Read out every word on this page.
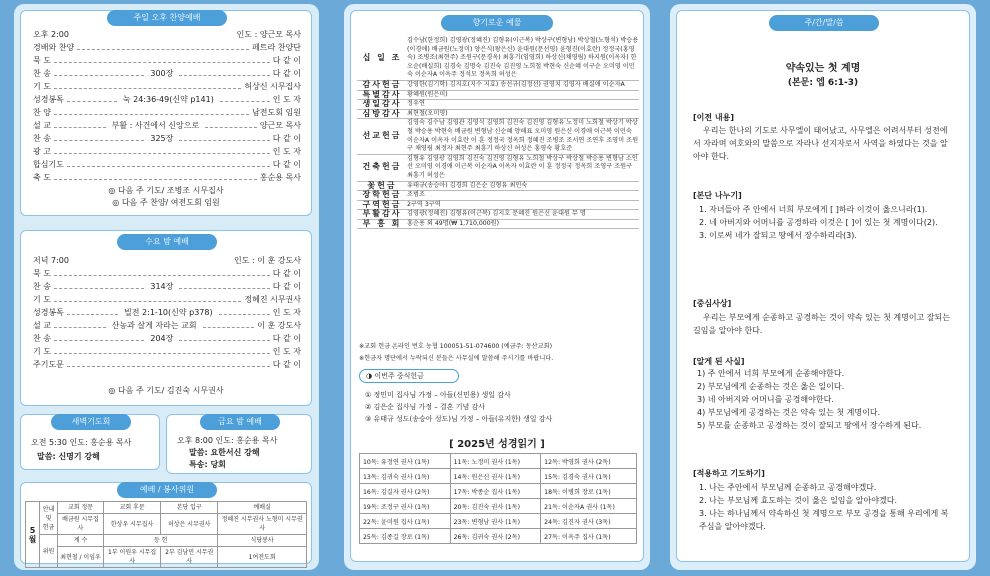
주일 오후 찬양예배
오후 2:00	인도 : 양근모 목사
경배와 찬양	페트라 찬양단
묵 도	다 같 이
찬 송	300장	다 같 이
기 도	허상신 시무집사
성경봉독	눅 24:36-49(신약 p141)	인 도 자
찬 양	남전도회 임원
설 교	부활 : 사건에서 신앙으로	양근모 목사
찬 송	325장	다 같 이
광 고	인 도 자
합심기도	다 같 이
축 도	홍순용 목사
◎ 다음 주 기도/ 조병조 시무집사
◎ 다음 주 찬양/ 여전도회 임원
수요 밤 예배
저녁 7:00	인도 : 이 훈 강도사
묵 도	다 같 이
찬 송	314장	다 같 이
기 도	정혜진 시무권사
성경봉독	빌전 2:1-10(신약 p378)	인 도 자
설 교	산농과 살게 자라는 교회	이 훈 강도사
찬 송	204장	다 같 이
기 도	인 도 자
주기도문	다 같 이
◎ 다음 주 기도/ 김진숙 시무권사
새벽기도회
오전 5:30 인도: 홍순용 목사
말씀: 신명기 강해
금요 밤 예배
오후 8:00 인도: 홍순용 목사
말씀: 요한서신 강해
특송: 당회
예배 / 봉사위원
5 월	안내 및 헌금	교회 정문	교회 후문	본당 입구	예배실
		배금원 시무집사	한상우 시무집사	허상은 시무권사	정혜진 시무권사 노형미 시무권사
	위원	계 수	등 헌		식당봉사
		최현철 / 이임우	1부 이원우 시무집사	2부 김남민 시무권사	1여전도회
향기로운 예물
십 일 조	김수남(한정희) 김영광(정혜진) 김형유(이근복) 박상구(변형남) 박상철(노형석) 박승용(이경애) 배금원(노정미) 양은식(왕은신) 윤대원(문선영) 윤형진(이효란) 정정국(홍영숙) 조병조(최현주) 조원구(문경옥) 최흥기(임영희) 하상신(채영림) 하지원(이옥자) 한오순(배실희) 김경숙 김명숙 김진숙 김진영 노희철 박현숙 신순혜 이구순 오미영 이민숙 이순자A 이옥주 정석모 정옥희 허성은
감사헌금	강영한(김기학) 김지호(지수 지효) 송선규(김정선) 권영치 김영자 배실애 이순자A
특별감사	황혜원(원은미)
생일감사	정우연
심방감사	최현철(오미영)
선교헌금	김영숙 김수남 김영관 김영식 김영희 김진숙 김진영 김형유 노정미 노희철 박상기 박상철 박승용 박현숙 배금원 변형남 신순혜 양해표 오미영 원은신 이경애 이근복 이민숙 이순자A 이옥자 이효란 이 훈 정정국 정옥희 정혜진 조병조 조서연 조연후 조영미 조원구 채영림 최정자 최현주 최흥기 하상신 허성은 홍영숙 황호준
건축헌금	김형유 김영광 김영희 김진숙 김진영 김형유 노희철 박상구 박상철 박승용 변형남 소인선 오미영 이경애 이근복 이순자A 이옥자 이효란 이 훈 정정국 정옥희 조영구 조원구 최흥기 허성은
꽃헌금	유태규(송승아) 김경희 김은순 김형유 최인숙
장학헌금	조범조
구역헌금	2구역 3구역
부활감사	김영광(정혜진) 김형유(이근복) 김지호 문혜진 원은신 윤대원 무 명
부 흥 회	홍순용 외 49명(₩ 1,710,000원)
※교회 헌금 온라인 번호 농협 100051-51-074600 (예금주: 동산교회)
※헌금자 명단에서 누락되신 분들은 사무실에 말씀해 주시기를 바랍니다.
◑ 이번주 중식헌금
① 정민미 집사님 가정 – 아들(신민용) 생일 감사
② 김은순 집사님 가정 – 결혼 기념 감사
③ 유태규 성도(송승아 성도)님 가정 – 아들(유지한) 생일 감사
[ 2025년 성경읽기 ]
10독: 유정연 권사 (1독)	11독: 노정미 권사 (1독)	12독: 박영희 권사 (2독)
13독: 김귀숙 권사 (1독)	14독: 원은신 권사 (1독)	15독: 김경숙 권사 (1독)
16독: 김길자 권사 (2독)	17독: 박종순 집사 (1독)	18독: 이병희 장로 (1독)
19독: 조정구 권사 (1독)	20독: 김진숙 권사 (1독)	21독: 이순자A 권사 (1독)
22독: 윤미원 집사 (1독)	23독: 변형남 권사 (1독)	24독: 김진자 권사 (3독)
25독: 김종길 장로 (1독)	26독: 김귀숙 권사 (2독)	27독: 이옥주 집사 (1독)
주/간/말/씀
약속있는 첫 계명
(본문: 엡 6:1-3)
[이전 내용]
우리는 한나의 기도로 사무엘이 태어났고, 사무엘은 어려서부터 성전에서 자라며 여호와의 말씀으로 자라나 선지자로서 사역을 하였다는 것을 알아야 한다.
[본단 나누기]
1. 자녀들아 주 안에서 너희 부모에게 [ ]하라 이것이 옳으니라(1).
2. 네 아버지와 어머니를 공경하라 이것은 [ ]이 있는 첫 계명이다(2).
3. 이로써 네가 잘되고 땅에서 장수하리라(3).
[중심사상]
우리는 부모에게 순종하고 공경하는 것이 약속 있는 첫 계명이고 잘되는 길임을 알아야 한다.
[알게 된 사실]
1) 주 안에서 너희 부모에게 순종해야한다.
2) 부모님에게 순종하는 것은 옳은 일이다.
3) 네 아버지와 어머니를 공경해야한다.
4) 부모님에게 공경하는 것은 약속 있는 첫 계명이다.
5) 부모를 순종하고 공경하는 것이 잘되고 땅에서 장수하게 된다.
[적용하고 기도하기]
1. 나는 주안에서 부모님께 순종하고 공경해야겠다.
2. 나는 부모님께 효도하는 것이 옳은 일임을 알아야겠다.
3. 나는 하나님께서 약속하신 첫 계명으로 부모 공경을 통해 우리에게 복 주심을 알아야겠다.
